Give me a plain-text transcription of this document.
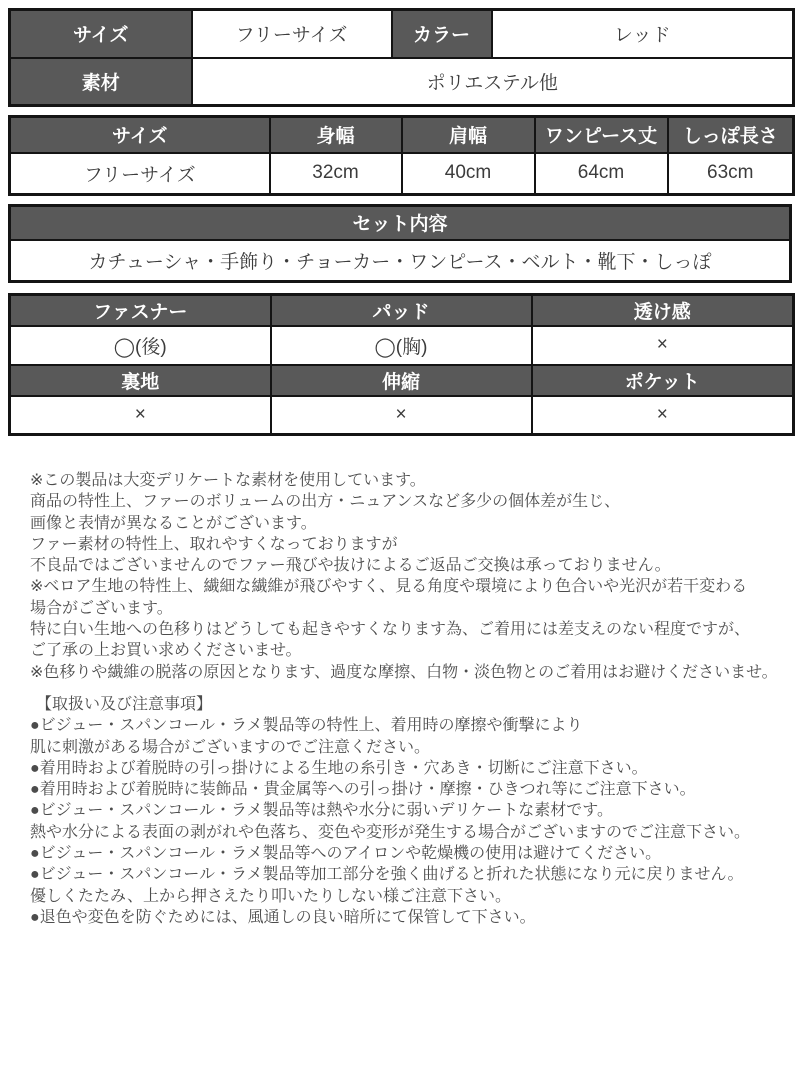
サイズ	フリーサイズ	カラー	レッド
素材	ポリエステル他		
サイズ	身幅	肩幅	ワンピース丈	しっぽ長さ
フリーサイズ	32cm	40cm	64cm	63cm
セット内容
カチューシャ・手飾り・チョーカー・ワンピース・ベルト・靴下・しっぽ
ファスナー	パッド	透け感
◯(後)	◯(胸)	×
裏地	伸縮	ポケット
×	×	×
※この製品は大変デリケートな素材を使用しています。
商品の特性上、ファーのボリュームの出方・ニュアンスなど多少の個体差が生じ、
画像と表情が異なることがございます。
ファー素材の特性上、取れやすくなっておりますが
不良品ではございませんのでファー飛びや抜けによるご返品ご交換は承っておりません。
※ベロア生地の特性上、繊細な繊維が飛びやすく、見る角度や環境により色合いや光沢が若干変わる
場合がございます。
特に白い生地への色移りはどうしても起きやすくなります為、ご着用には差支えのない程度ですが、
ご了承の上お買い求めくださいませ。
※色移りや繊維の脱落の原因となります、過度な摩擦、白物・淡色物とのご着用はお避けくださいませ。
【取扱い及び注意事項】
●ビジュー・スパンコール・ラメ製品等の特性上、着用時の摩擦や衝撃により
肌に刺激がある場合がございますのでご注意ください。
●着用時および着脱時の引っ掛けによる生地の糸引き・穴あき・切断にご注意下さい。
●着用時および着脱時に装飾品・貴金属等への引っ掛け・摩擦・ひきつれ等にご注意下さい。
●ビジュー・スパンコール・ラメ製品等は熱や水分に弱いデリケートな素材です。
熱や水分による表面の剥がれや色落ち、変色や変形が発生する場合がございますのでご注意下さい。
●ビジュー・スパンコール・ラメ製品等へのアイロンや乾燥機の使用は避けてください。
●ビジュー・スパンコール・ラメ製品等加工部分を強く曲げると折れた状態になり元に戻りません。
優しくたたみ、上から押さえたり叩いたりしない様ご注意下さい。
●退色や変色を防ぐためには、風通しの良い暗所にて保管して下さい。
